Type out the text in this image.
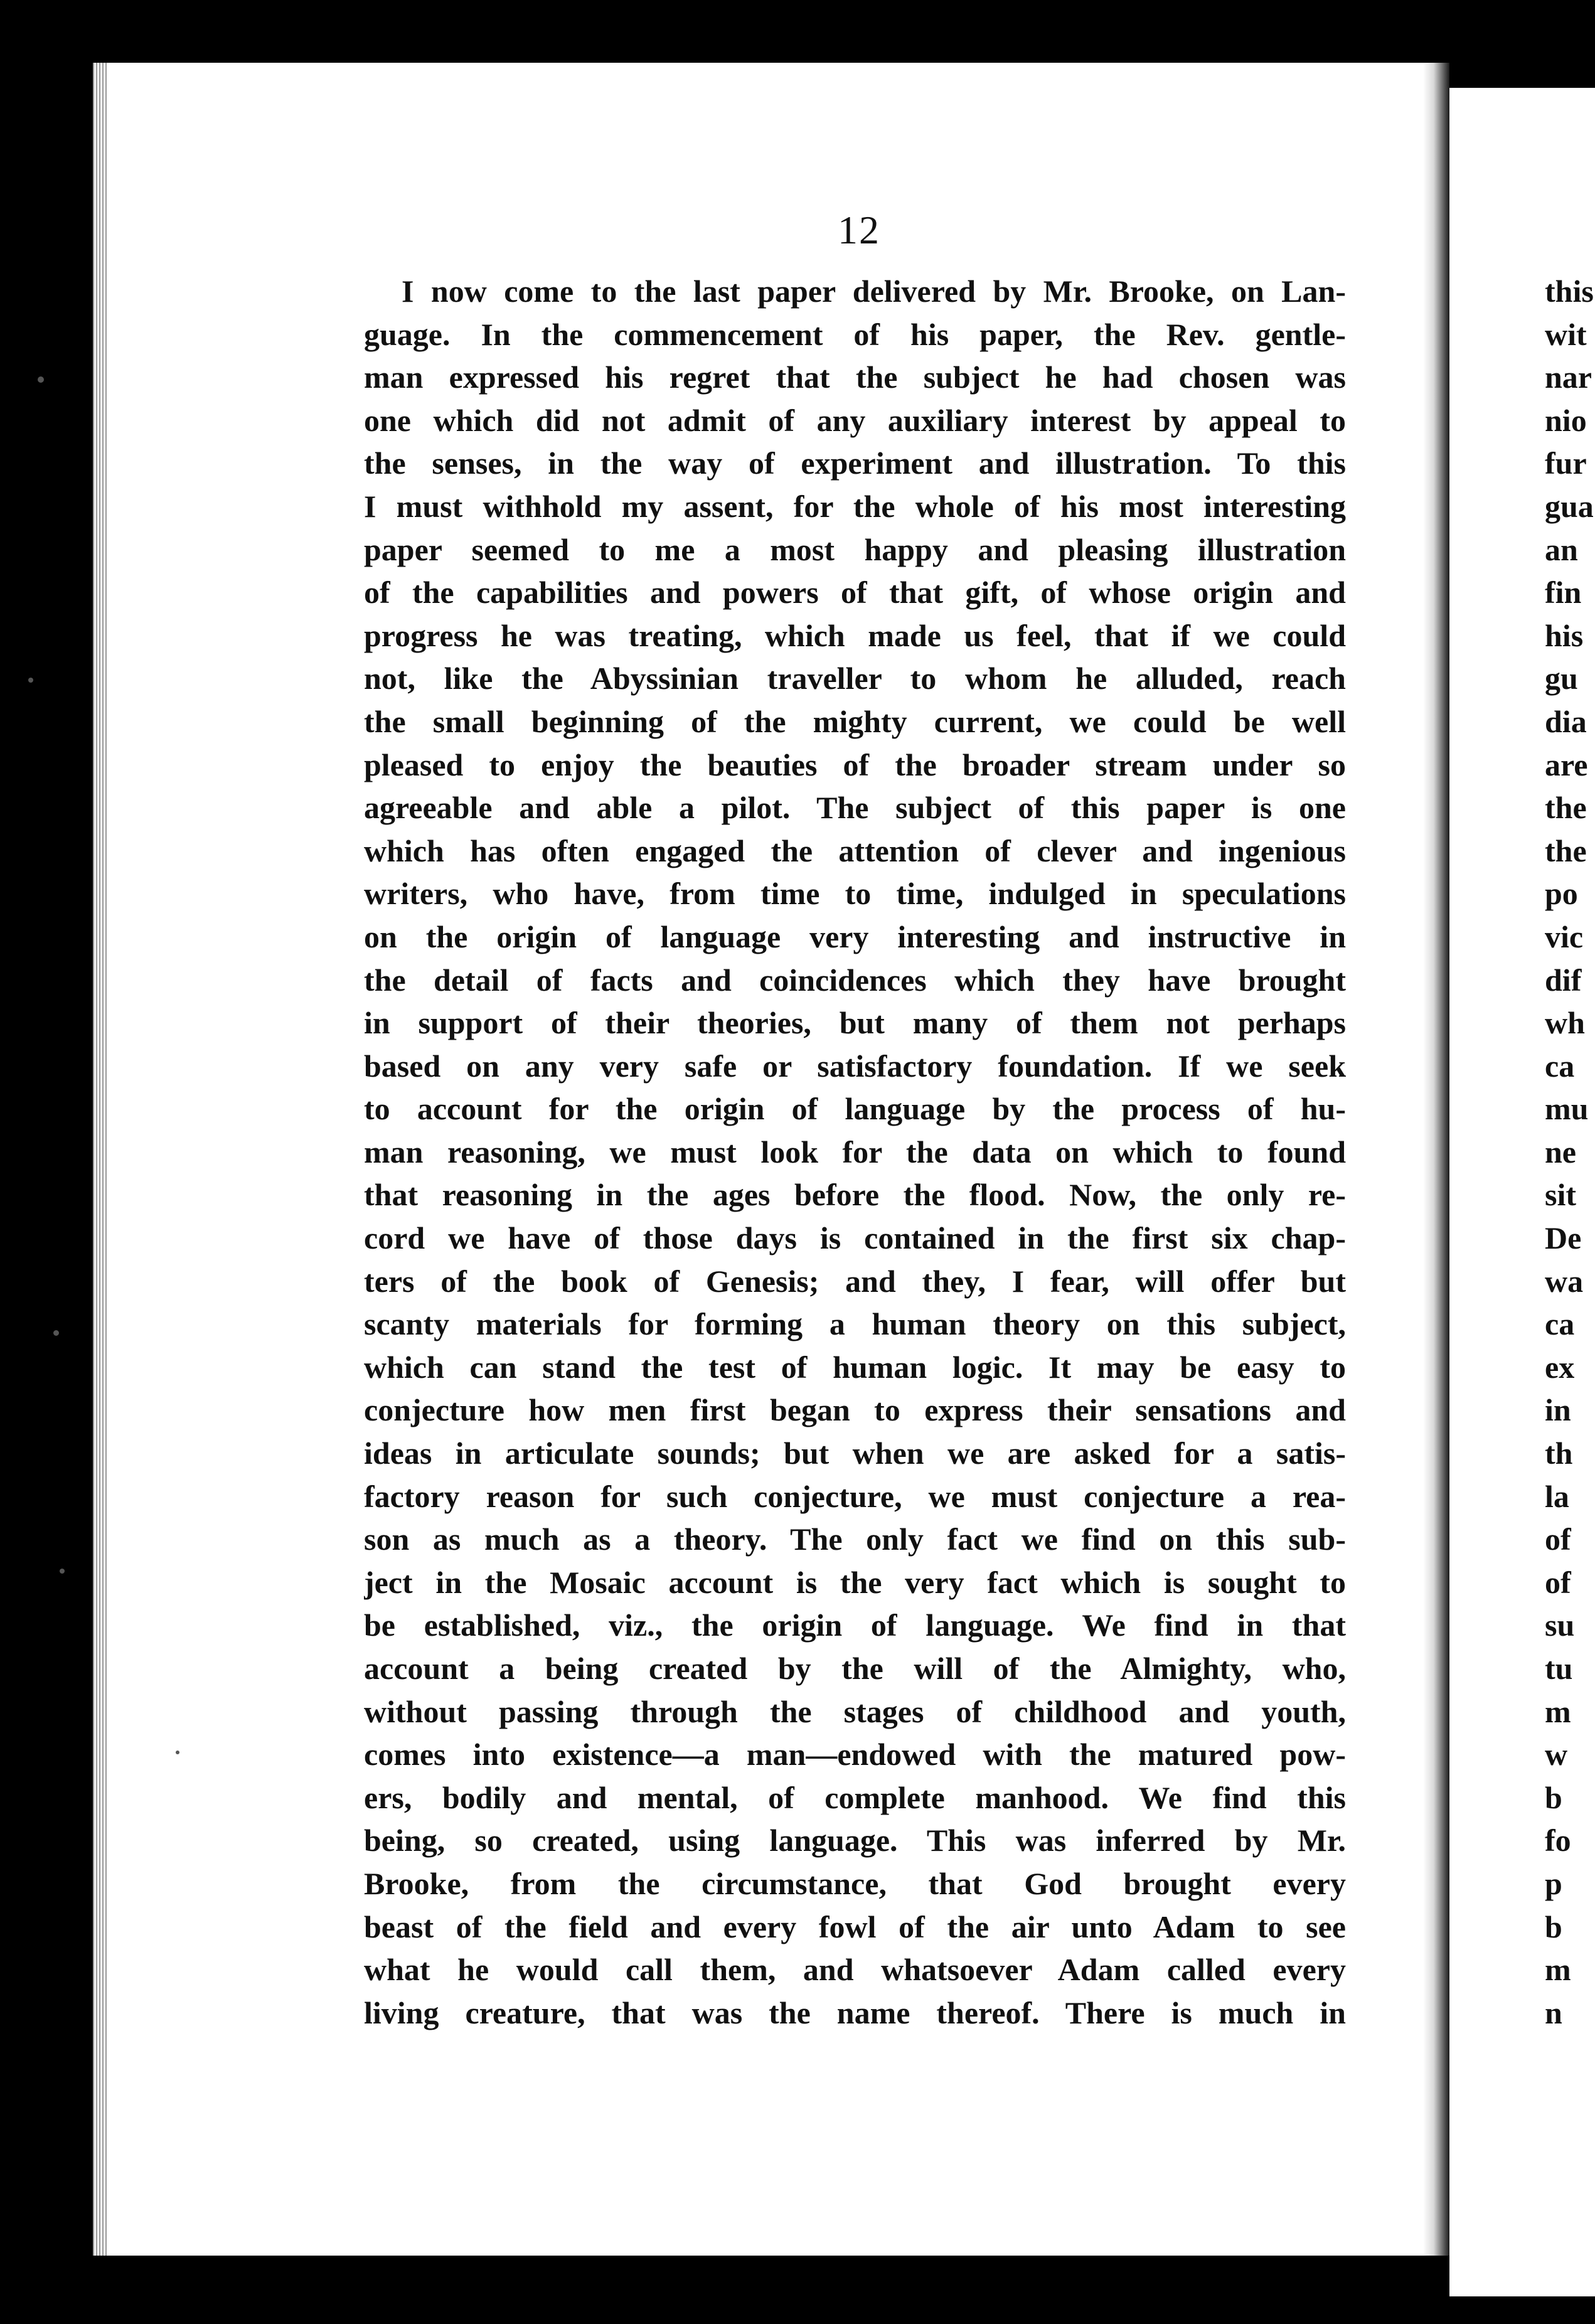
12
I now come to the last paper delivered by Mr. Brooke, on Lan-
guage. In the commencement of his paper, the Rev. gentle-
man expressed his regret that the subject he had chosen was
one which did not admit of any auxiliary interest by appeal to
the senses, in the way of experiment and illustration. To this
I must withhold my assent, for the whole of his most interesting
paper seemed to me a most happy and pleasing illustration
of the capabilities and powers of that gift, of whose origin and
progress he was treating, which made us feel, that if we could
not, like the Abyssinian traveller to whom he alluded, reach
the small beginning of the mighty current, we could be well
pleased to enjoy the beauties of the broader stream under so
agreeable and able a pilot. The subject of this paper is one
which has often engaged the attention of clever and ingenious
writers, who have, from time to time, indulged in speculations
on the origin of language very interesting and instructive in
the detail of facts and coincidences which they have brought
in support of their theories, but many of them not perhaps
based on any very safe or satisfactory foundation. If we seek
to account for the origin of language by the process of hu-
man reasoning, we must look for the data on which to found
that reasoning in the ages before the flood. Now, the only re-
cord we have of those days is contained in the first six chap-
ters of the book of Genesis; and they, I fear, will offer but
scanty materials for forming a human theory on this subject,
which can stand the test of human logic. It may be easy to
conjecture how men first began to express their sensations and
ideas in articulate sounds; but when we are asked for a satis-
factory reason for such conjecture, we must conjecture a rea-
son as much as a theory. The only fact we find on this sub-
ject in the Mosaic account is the very fact which is sought to
be established, viz., the origin of language. We find in that
account a being created by the will of the Almighty, who,
without passing through the stages of childhood and youth,
comes into existence—a man—endowed with the matured pow-
ers, bodily and mental, of complete manhood. We find this
being, so created, using language. This was inferred by Mr.
Brooke, from the circumstance, that God brought every
beast of the field and every fowl of the air unto Adam to see
what he would call them, and whatsoever Adam called every
living creature, that was the name thereof. There is much in
this
wit
nar
nio
fur
gua
an
fin
his
gu
dia
are
the
the
po
vic
dif
wh
ca
mu
ne
sit
De
wa
ca
ex
in
th
la
of
of
su
tu
m
w
b
fo
p
b
m
n
